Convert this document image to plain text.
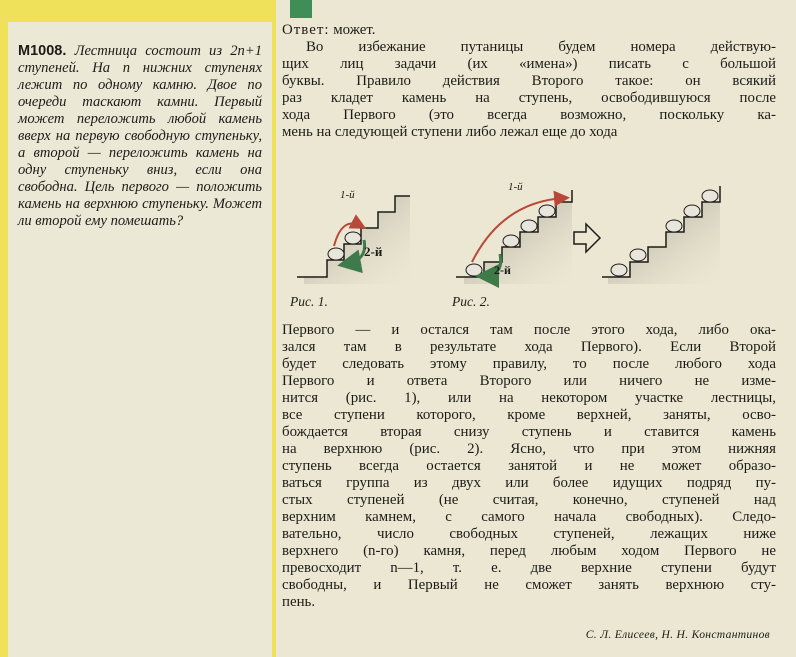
М1008. Лестница состоит из 2n+1 ступеней. На n нижних ступенях лежит по одному камню. Двое по очереди таскают камни. Первый может переложить любой камень вверх на первую свободную ступеньку, а второй — переложить камень на одну ступеньку вниз, если она свободна. Цель первого — положить камень на верхнюю ступеньку. Может ли второй ему помешать?

Ответ: может.

Во избежание путаницы будем номера действую-

щих лиц задачи (их «имена») писать с большой

буквы. Правило действия Второго такое: он всякий

раз кладет камень на ступень, освободившуюся после

хода Первого (это всегда возможно, поскольку ка-

мень на следующей ступени либо лежал еще до хода

1-й
2-й
1-й
2-й
Рис. 1.	Рис. 2.

Первого — и остался там после этого хода, либо ока-

зался там в результате хода Первого). Если Второй

будет следовать этому правилу, то после любого хода

Первого и ответа Второго или ничего не изме-

нится (рис. 1), или на некотором участке лестницы,

все ступени которого, кроме верхней, заняты, осво-

бождается вторая снизу ступень и ставится камень

на верхнюю (рис. 2). Ясно, что при этом нижняя

ступень всегда остается занятой и не может образо-

ваться группа из двух или более идущих подряд пу-

стых ступеней (не считая, конечно, ступеней над

верхним камнем, с самого начала свободных). Следо-

вательно, число свободных ступеней, лежащих ниже

верхнего (n-го) камня, перед любым ходом Первого не

превосходит n—1, т. е. две верхние ступени будут

свободны, и Первый не сможет занять верхнюю сту-

пень.

С. Л. Елисеев, Н. Н. Константинов
